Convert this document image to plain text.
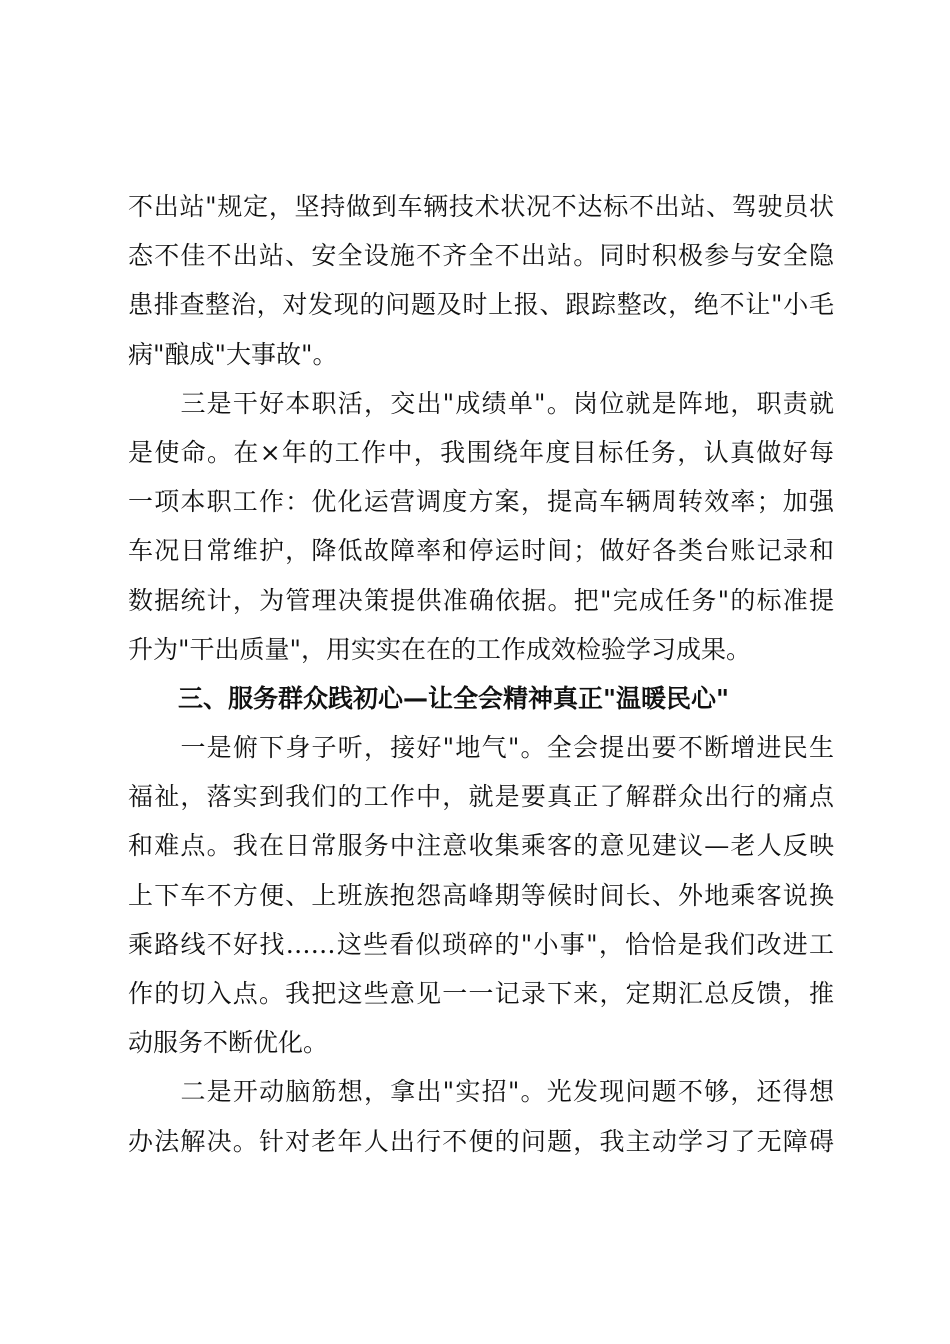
不出站"规定，坚持做到车辆技术状况不达标不出站、驾驶员状
态不佳不出站、安全设施不齐全不出站。同时积极参与安全隐
患排查整治，对发现的问题及时上报、跟踪整改，绝不让"小毛
病"酿成"大事故"。
　　三是干好本职活，交出"成绩单"。岗位就是阵地，职责就
是使命。在×年的工作中，我围绕年度目标任务，认真做好每
一项本职工作：优化运营调度方案，提高车辆周转效率；加强
车况日常维护，降低故障率和停运时间；做好各类台账记录和
数据统计，为管理决策提供准确依据。把"完成任务"的标准提
升为"干出质量"，用实实在在的工作成效检验学习成果。
三、服务群众践初心—让全会精神真正"温暖民心"
　　一是俯下身子听，接好"地气"。全会提出要不断增进民生
福祉，落实到我们的工作中，就是要真正了解群众出行的痛点
和难点。我在日常服务中注意收集乘客的意见建议—老人反映
上下车不方便、上班族抱怨高峰期等候时间长、外地乘客说换
乘路线不好找……这些看似琐碎的"小事"，恰恰是我们改进工
作的切入点。我把这些意见一一记录下来，定期汇总反馈，推
动服务不断优化。
　　二是开动脑筋想，拿出"实招"。光发现问题不够，还得想
办法解决。针对老年人出行不便的问题，我主动学习了无障碍
